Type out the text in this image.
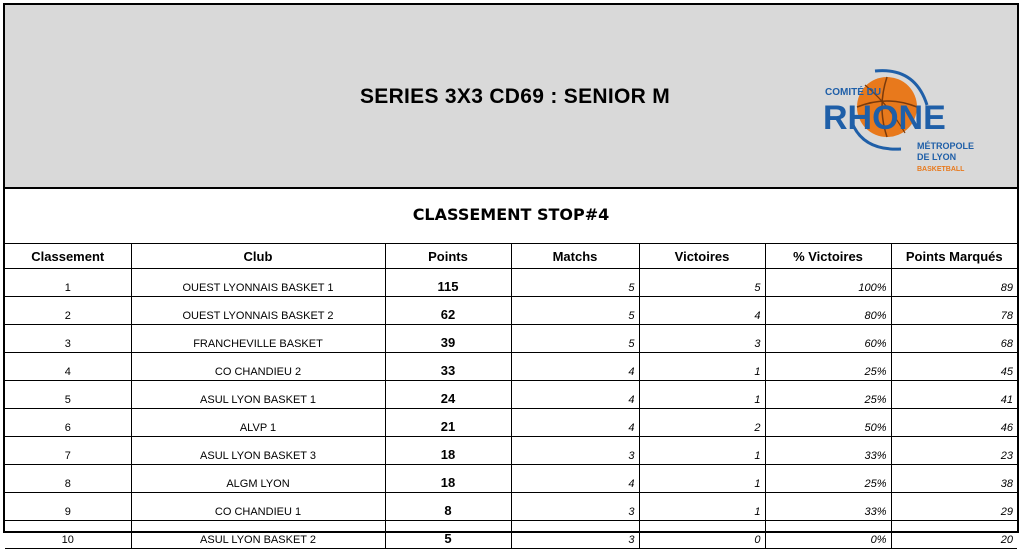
SERIES 3X3 CD69 : SENIOR M	COMITÉ DU
RHONE
MÉTROPOLE
DE LYON
BASKETBALL
CLASSEMENT STOP#4
Classement	Club	Points	Matchs	Victoires	% Victoires	Points Marqués
1	OUEST LYONNAIS BASKET 1	115	5	5	100%	89
2	OUEST LYONNAIS BASKET 2	62	5	4	80%	78
3	FRANCHEVILLE BASKET	39	5	3	60%	68
4	CO CHANDIEU 2	33	4	1	25%	45
5	ASUL LYON BASKET 1	24	4	1	25%	41
6	ALVP 1	21	4	2	50%	46
7	ASUL LYON BASKET 3	18	3	1	33%	23
8	ALGM LYON	18	4	1	25%	38
9	CO CHANDIEU 1	8	3	1	33%	29
10	ASUL LYON BASKET 2	5	3	0	0%	20
